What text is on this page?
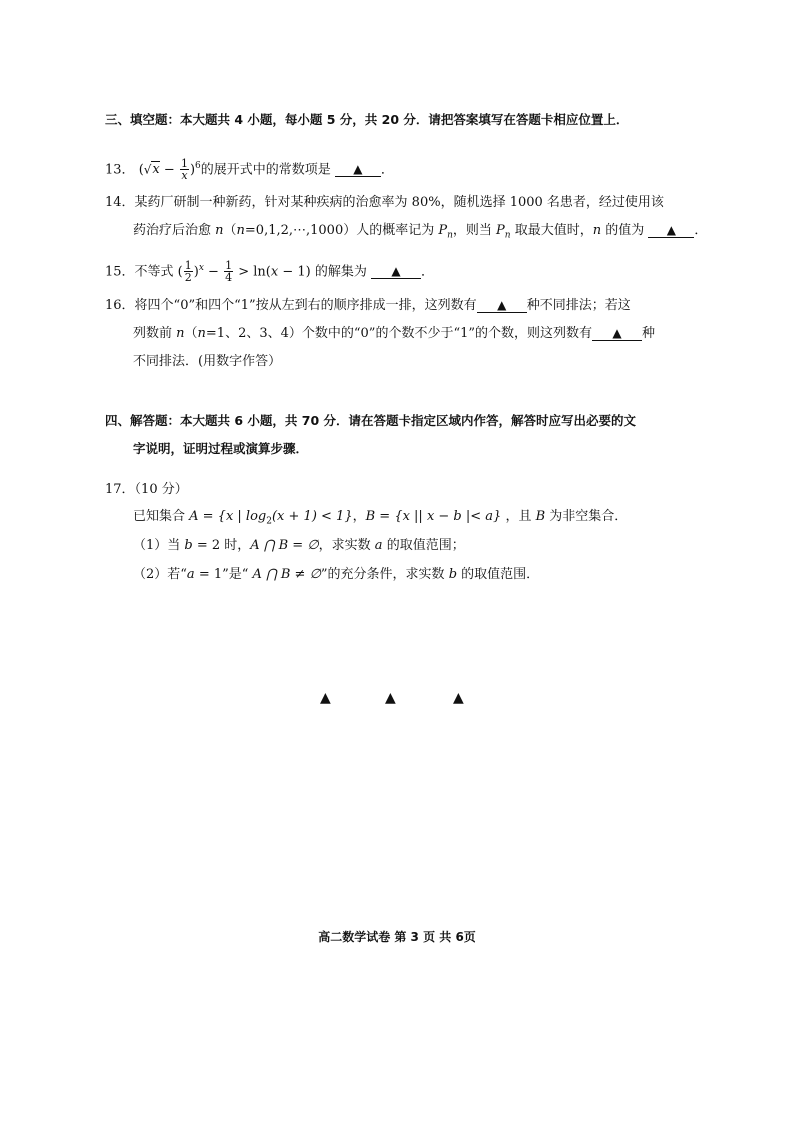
三、填空题：本大题共 4 小题，每小题 5 分，共 20 分．请把答案填写在答题卡相应位置上．
13． $(√x - \frac{1}{x} )^6$的展开式中的常数项是 ▲ ．
14．某药厂研制一种新药，针对某种疾病的治愈率为 80%，随机选择 1000 名患者，经过使用该
药治疗后治愈 n（n=0,1,2,⋯,1000）人的概率记为 $P_n$，则当 $P_n$ 取最大值时，n 的值为 ▲ ．
15．不等式 ( $\frac{1}{2} )^x - \frac{1}{4} > \ln(x - 1)$ 的解集为 ▲ ．
16．将四个“0”和四个“1”按从左到右的顺序排成一排，这列数有 ▲ 种不同排法；若这
列数前 n（n=1、2、3、4）个数中的“0”的个数不少于“1”的个数，则这列数有 ▲ 种
不同排法．(用数字作答）
四、解答题：本大题共 6 小题，共 70 分．请在答题卡指定区域内作答，解答时应写出必要的文
字说明，证明过程或演算步骤．
17．（10 分）
已知集合 A = {x | $\log_2(x + 1) < 1$}，B = {x || x − b |< a} ，且 B 为非空集合．
（1）当 b = 2 时，A ⋂ B = ∅，求实数 a 的取值范围；
（2）若“a = 1”是“ A ⋂ B ≠ ∅”的充分条件，求实数 b 的取值范围．
▲	▲	▲
高二数学试卷 第 3 页 共 6页
